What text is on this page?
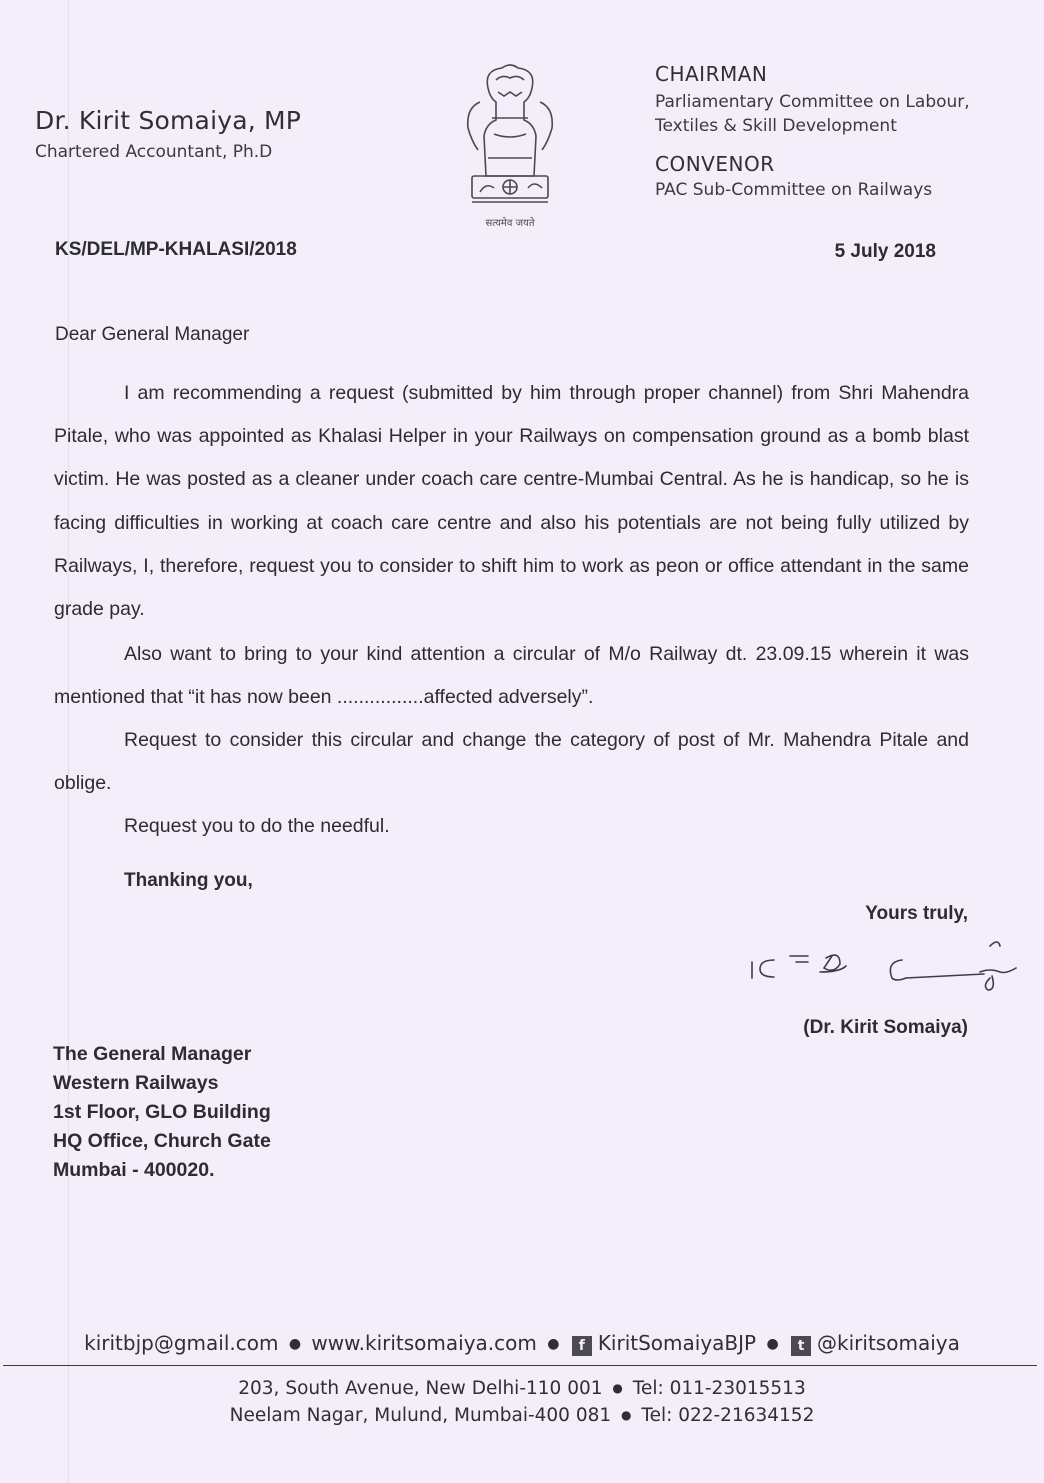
Dr. Kirit Somaiya, MP
Chartered Accountant, Ph.D
सत्यमेव जयते
CHAIRMAN
Parliamentary Committee on Labour,
Textiles & Skill Development
CONVENOR
PAC Sub-Committee on Railways
KS/DEL/MP-KHALASI/2018	5 July 2018
Dear General Manager

I am recommending a request (submitted by him through proper channel) from Shri Mahendra Pitale, who was appointed as Khalasi Helper in your Railways on compensation ground as a bomb blast victim. He was posted as a cleaner under coach care centre-Mumbai Central. As he is handicap, so he is facing difficulties in working at coach care centre and also his potentials are not being fully utilized by Railways, I, therefore, request you to consider to shift him to work as peon or office attendant in the same grade pay.

Also want to bring to your kind attention a circular of M/o Railway dt. 23.09.15 wherein it was mentioned that “it has now been ................affected adversely”.

Request to consider this circular and change the category of post of Mr. Mahendra Pitale and oblige.

Request you to do the needful.

Thanking you,
Yours truly,
(Dr. Kirit Somaiya)
The General Manager
Western Railways
1st Floor, GLO Building
HQ Office, Church Gate
Mumbai - 400020.
kiritbjp@gmail.com ● www.kiritsomaiya.com ● f KiritSomaiyaBJP ● t @kiritsomaiya
203, South Avenue, New Delhi-110 001 ● Tel: 011-23015513
Neelam Nagar, Mulund, Mumbai-400 081 ● Tel: 022-21634152
